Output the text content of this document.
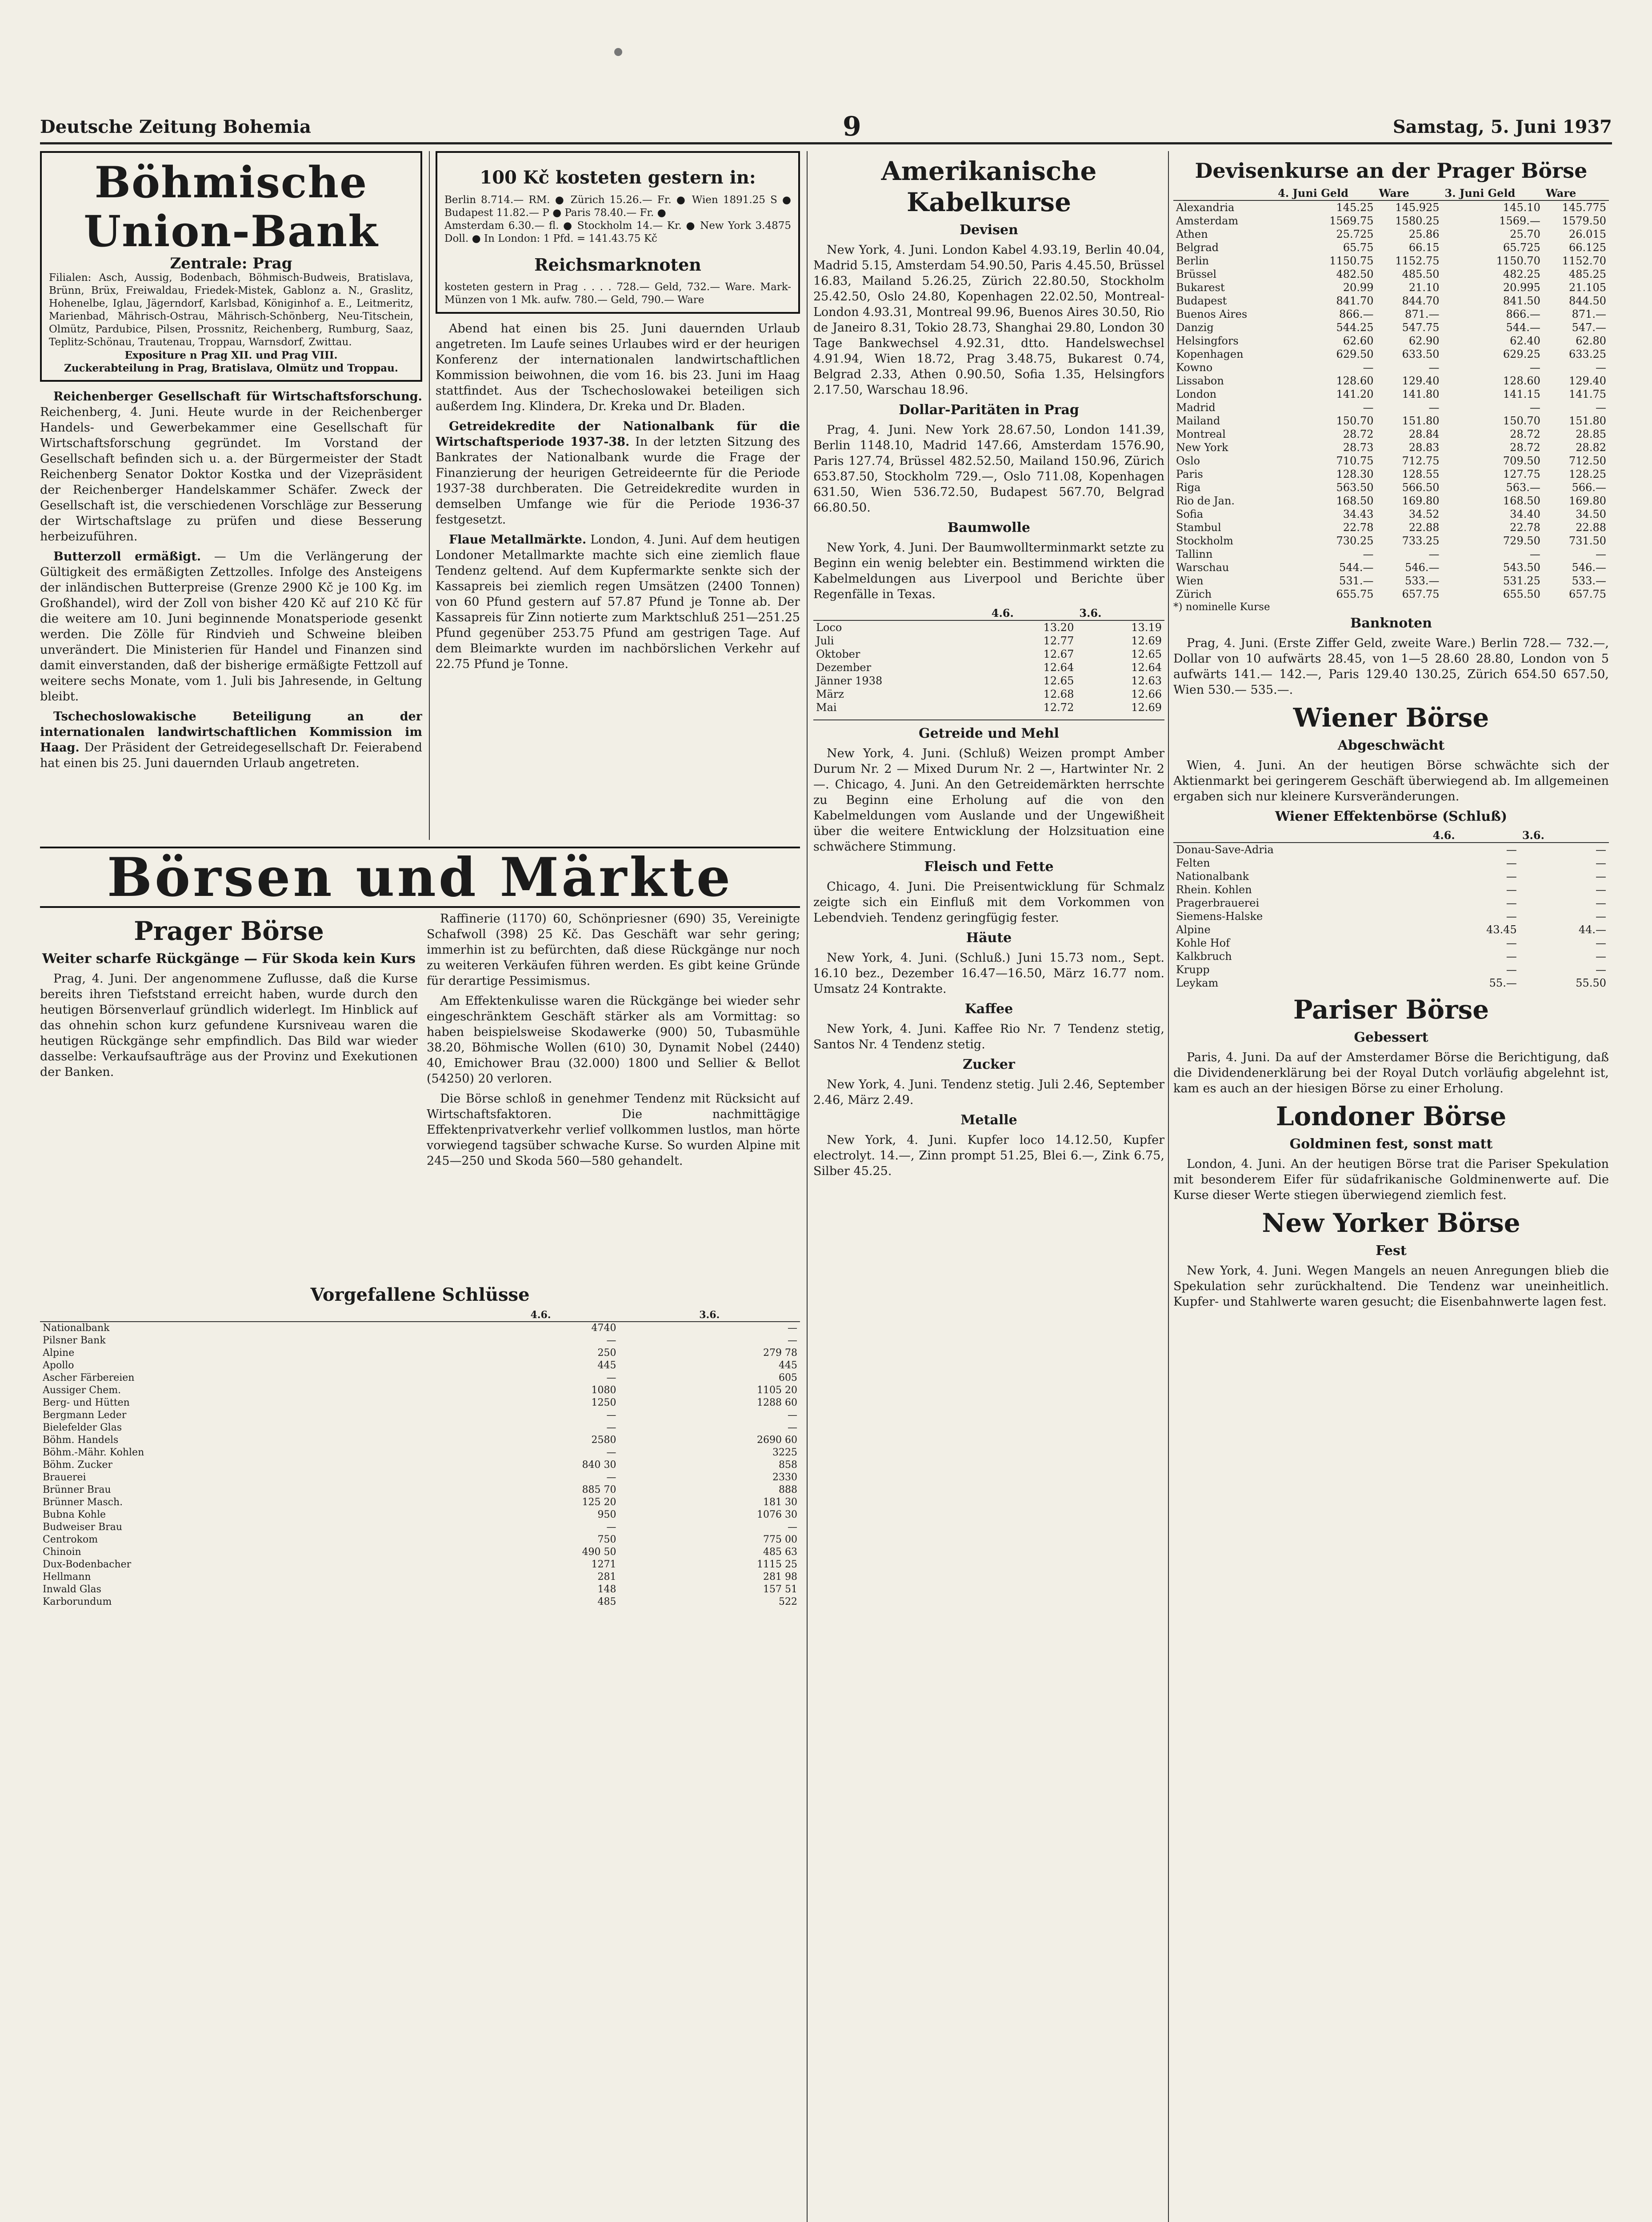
Deutsche Zeitung Bohemia	9	Samstag, 5. Juni 1937
Böhmische Union-Bank
Zentrale: Prag
Filialen: Asch, Aussig, Bodenbach, Böhmisch-Budweis, Bratislava, Brünn, Brüx, Freiwaldau, Friedek-Mistek, Gablonz a. N., Graslitz, Hohenelbe, Iglau, Jägerndorf, Karlsbad, Königinhof a. E., Leitmeritz, Marienbad, Mährisch-Ostrau, Mährisch-Schönberg, Neu-Titschein, Olmütz, Pardubice, Pilsen, Prossnitz, Reichenberg, Rumburg, Saaz, Teplitz-Schönau, Trautenau, Troppau, Warnsdorf, Zwittau.
Expositure n Prag XII. und Prag VIII.
Zuckerabteilung in Prag, Bratislava, Olmütz und Troppau.

Reichenberger Gesellschaft für Wirtschaftsforschung. Reichenberg, 4. Juni. Heute wurde in der Reichenberger Handels- und Gewerbekammer eine Gesellschaft für Wirtschaftsforschung gegründet. Im Vorstand der Gesellschaft befinden sich u. a. der Bürgermeister der Stadt Reichenberg Senator Doktor Kostka und der Vizepräsident der Reichenberger Handelskammer Schäfer. Zweck der Gesellschaft ist, die verschiedenen Vorschläge zur Besserung der Wirtschaftslage zu prüfen und diese Besserung herbeizuführen.

Butterzoll ermäßigt. — Um die Verlängerung der Gültigkeit des ermäßigten Zettzolles. Infolge des Ansteigens der inländischen Butterpreise (Grenze 2900 Kč je 100 Kg. im Großhandel), wird der Zoll von bisher 420 Kč auf 210 Kč für die weitere am 10. Juni beginnende Monatsperiode gesenkt werden. Die Zölle für Rindvieh und Schweine bleiben unverändert. Die Ministerien für Handel und Finanzen sind damit einverstanden, daß der bisherige ermäßigte Fettzoll auf weitere sechs Monate, vom 1. Juli bis Jahresende, in Geltung bleibt.

Tschechoslowakische Beteiligung an der internationalen landwirtschaftlichen Kommission im Haag. Der Präsident der Getreidegesellschaft Dr. Feierabend hat einen bis 25. Juni dauernden Urlaub angetreten.

100 Kč kosteten gestern in:
Berlin 8.714.— RM. ● Zürich 15.26.— Fr. ● Wien 1891.25 S ● Budapest 11.82.— P ● Paris 78.40.— Fr. ●
Amsterdam 6.30.— fl. ● Stockholm 14.— Kr. ● New York 3.4875 Doll. ● In London: 1 Pfd. = 141.43.75 Kč
Reichsmarknoten
kosteten gestern in Prag . . . . 728.— Geld, 732.— Ware. Mark-Münzen von 1 Mk. aufw. 780.— Geld, 790.— Ware

Abend hat einen bis 25. Juni dauernden Urlaub angetreten. Im Laufe seines Urlaubes wird er der heurigen Konferenz der internationalen landwirtschaftlichen Kommission beiwohnen, die vom 16. bis 23. Juni im Haag stattfindet. Aus der Tschechoslowakei beteiligen sich außerdem Ing. Klindera, Dr. Kreka und Dr. Bladen.

Getreidekredite der Nationalbank für die Wirtschaftsperiode 1937-38. In der letzten Sitzung des Bankrates der Nationalbank wurde die Frage der Finanzierung der heurigen Getreideernte für die Periode 1937-38 durchberaten. Die Getreidekredite wurden in demselben Umfange wie für die Periode 1936-37 festgesetzt.

Flaue Metallmärkte. London, 4. Juni. Auf dem heutigen Londoner Metallmarkte machte sich eine ziemlich flaue Tendenz geltend. Auf dem Kupfermarkte senkte sich der Kassapreis bei ziemlich regen Umsätzen (2400 Tonnen) von 60 Pfund gestern auf 57.87 Pfund je Tonne ab. Der Kassapreis für Zinn notierte zum Marktschluß 251—251.25 Pfund gegenüber 253.75 Pfund am gestrigen Tage. Auf dem Bleimarkte wurden im nachbörslichen Verkehr auf 22.75 Pfund je Tonne.

Börsen und Märkte
Prager Börse
Weiter scharfe Rückgänge — Für Skoda kein Kurs

Prag, 4. Juni. Der angenommene Zuflusse, daß die Kurse bereits ihren Tiefststand erreicht haben, wurde durch den heutigen Börsenverlauf gründlich widerlegt. Im Hinblick auf das ohnehin schon kurz gefundene Kursniveau waren die heutigen Rückgänge sehr empfindlich. Das Bild war wieder dasselbe: Verkaufsaufträge aus der Provinz und Exekutionen der Banken.

Raffinerie (1170) 60, Schönpriesner (690) 35, Vereinigte Schafwoll (398) 25 Kč. Das Geschäft war sehr gering; immerhin ist zu befürchten, daß diese Rückgänge nur noch zu weiteren Verkäufen führen werden. Es gibt keine Gründe für derartige Pessimismus.

Am Effektenkulisse waren die Rückgänge bei wieder sehr eingeschränktem Geschäft stärker als am Vormittag: so haben beispielsweise Skodawerke (900) 50, Tubasmühle 38.20, Böhmische Wollen (610) 30, Dynamit Nobel (2440) 40, Emichower Brau (32.000) 1800 und Sellier & Bellot (54250) 20 verloren.

Die Börse schloß in genehmer Tendenz mit Rücksicht auf Wirtschaftsfaktoren. Die nachmittägige Effektenprivatverkehr verlief vollkommen lustlos, man hörte vorwiegend tagsüber schwache Kurse. So wurden Alpine mit 245—250 und Skoda 560—580 gehandelt.

Vorgefallene Schlüsse
	4.6.	3.6.
Nationalbank	4740	—
Pilsner Bank	—	—
Alpine	250	279 78
Apollo	445	445
Ascher Färbereien	—	605
Aussiger Chem.	1080	1105 20
Berg- und Hütten	1250	1288 60
Bergmann Leder	—	—
Bielefelder Glas	—	—
Böhm. Handels	2580	2690 60
Böhm.-Mähr. Kohlen	—	3225
Böhm. Zucker	840 30	858
Brauerei	—	2330
Brünner Brau	885 70	888
Brünner Masch.	125 20	181 30
Bubna Kohle	950	1076 30
Budweiser Brau	—	—
Centrokom	750	775 00
Chinoin	490 50	485 63
Dux-Bodenbacher	1271	1115 25
Hellmann	281	281 98
Inwald Glas	148	157 51
Karborundum	485	522
Amerikanische Kabelkurse
Devisen

New York, 4. Juni. London Kabel 4.93.19, Berlin 40.04, Madrid 5.15, Amsterdam 54.90.50, Paris 4.45.50, Brüssel 16.83, Mailand 5.26.25, Zürich 22.80.50, Stockholm 25.42.50, Oslo 24.80, Kopenhagen 22.02.50, Montreal-London 4.93.31, Montreal 99.96, Buenos Aires 30.50, Rio de Janeiro 8.31, Tokio 28.73, Shanghai 29.80, London 30 Tage Bankwechsel 4.92.31, dtto. Handelswechsel 4.91.94, Wien 18.72, Prag 3.48.75, Bukarest 0.74, Belgrad 2.33, Athen 0.90.50, Sofia 1.35, Helsingfors 2.17.50, Warschau 18.96.

Dollar-Paritäten in Prag

Prag, 4. Juni. New York 28.67.50, London 141.39, Berlin 1148.10, Madrid 147.66, Amsterdam 1576.90, Paris 127.74, Brüssel 482.52.50, Mailand 150.96, Zürich 653.87.50, Stockholm 729.—, Oslo 711.08, Kopenhagen 631.50, Wien 536.72.50, Budapest 567.70, Belgrad 66.80.50.

Baumwolle

New York, 4. Juni. Der Baumwollterminmarkt setzte zu Beginn ein wenig belebter ein. Bestimmend wirkten die Kabelmeldungen aus Liverpool und Berichte über Regenfälle in Texas.

	4.6.	3.6.
Loco	13.20	13.19
Juli	12.77	12.69
Oktober	12.67	12.65
Dezember	12.64	12.64
Jänner 1938	12.65	12.63
März	12.68	12.66
Mai	12.72	12.69
Getreide und Mehl

New York, 4. Juni. (Schluß) Weizen prompt Amber Durum Nr. 2 — Mixed Durum Nr. 2 —, Hartwinter Nr. 2 —. Chicago, 4. Juni. An den Getreidemärkten herrschte zu Beginn eine Erholung auf die von den Kabelmeldungen vom Auslande und der Ungewißheit über die weitere Entwicklung der Holzsituation eine schwächere Stimmung.

Fleisch und Fette

Chicago, 4. Juni. Die Preisentwicklung für Schmalz zeigte sich ein Einfluß mit dem Vorkommen von Lebendvieh. Tendenz geringfügig fester.

Häute

New York, 4. Juni. (Schluß.) Juni 15.73 nom., Sept. 16.10 bez., Dezember 16.47—16.50, März 16.77 nom. Umsatz 24 Kontrakte.

Kaffee

New York, 4. Juni. Kaffee Rio Nr. 7 Tendenz stetig, Santos Nr. 4 Tendenz stetig.

Zucker

New York, 4. Juni. Tendenz stetig. Juli 2.46, September 2.46, März 2.49.

Metalle

New York, 4. Juni. Kupfer loco 14.12.50, Kupfer electrolyt. 14.—, Zinn prompt 51.25, Blei 6.—, Zink 6.75, Silber 45.25.

Devisenkurse an der Prager Börse
	4. Juni Geld	Ware	3. Juni Geld	Ware
Alexandria	145.25	145.925	145.10	145.775
Amsterdam	1569.75	1580.25	1569.—	1579.50
Athen	25.725	25.86	25.70	26.015
Belgrad	65.75	66.15	65.725	66.125
Berlin	1150.75	1152.75	1150.70	1152.70
Brüssel	482.50	485.50	482.25	485.25
Bukarest	20.99	21.10	20.995	21.105
Budapest	841.70	844.70	841.50	844.50
Buenos Aires	866.—	871.—	866.—	871.—
Danzig	544.25	547.75	544.—	547.—
Helsingfors	62.60	62.90	62.40	62.80
Kopenhagen	629.50	633.50	629.25	633.25
Kowno	—	—	—	—
Lissabon	128.60	129.40	128.60	129.40
London	141.20	141.80	141.15	141.75
Madrid	—	—	—	—
Mailand	150.70	151.80	150.70	151.80
Montreal	28.72	28.84	28.72	28.85
New York	28.73	28.83	28.72	28.82
Oslo	710.75	712.75	709.50	712.50
Paris	128.30	128.55	127.75	128.25
Riga	563.50	566.50	563.—	566.—
Rio de Jan.	168.50	169.80	168.50	169.80
Sofia	34.43	34.52	34.40	34.50
Stambul	22.78	22.88	22.78	22.88
Stockholm	730.25	733.25	729.50	731.50
Tallinn	—	—	—	—
Warschau	544.—	546.—	543.50	546.—
Wien	531.—	533.—	531.25	533.—
Zürich	655.75	657.75	655.50	657.75
*) nominelle Kurse
Banknoten

Prag, 4. Juni. (Erste Ziffer Geld, zweite Ware.) Berlin 728.— 732.—, Dollar von 10 aufwärts 28.45, von 1—5 28.60 28.80, London von 5 aufwärts 141.— 142.—, Paris 129.40 130.25, Zürich 654.50 657.50, Wien 530.— 535.—.

Wiener Börse
Abgeschwächt

Wien, 4. Juni. An der heutigen Börse schwächte sich der Aktienmarkt bei geringerem Geschäft überwiegend ab. Im allgemeinen ergaben sich nur kleinere Kursveränderungen.

Wiener Effektenbörse (Schluß)
	4.6.	3.6.
Donau-Save-Adria	—	—
Felten	—	—
Nationalbank	—	—
Rhein. Kohlen	—	—
Pragerbrauerei	—	—
Siemens-Halske	—	—
Alpine	43.45	44.—
Kohle Hof	—	—
Kalkbruch	—	—
Krupp	—	—
Leykam	55.—	55.50
Pariser Börse
Gebessert

Paris, 4. Juni. Da auf der Amsterdamer Börse die Berichtigung, daß die Dividendenerklärung bei der Royal Dutch vorläufig abgelehnt ist, kam es auch an der hiesigen Börse zu einer Erholung.

Londoner Börse
Goldminen fest, sonst matt

London, 4. Juni. An der heutigen Börse trat die Pariser Spekulation mit besonderem Eifer für südafrikanische Goldminenwerte auf. Die Kurse dieser Werte stiegen überwiegend ziemlich fest.

New Yorker Börse
Fest

New York, 4. Juni. Wegen Mangels an neuen Anregungen blieb die Spekulation sehr zurückhaltend. Die Tendenz war uneinheitlich. Kupfer- und Stahlwerte waren gesucht; die Eisenbahnwerte lagen fest.
